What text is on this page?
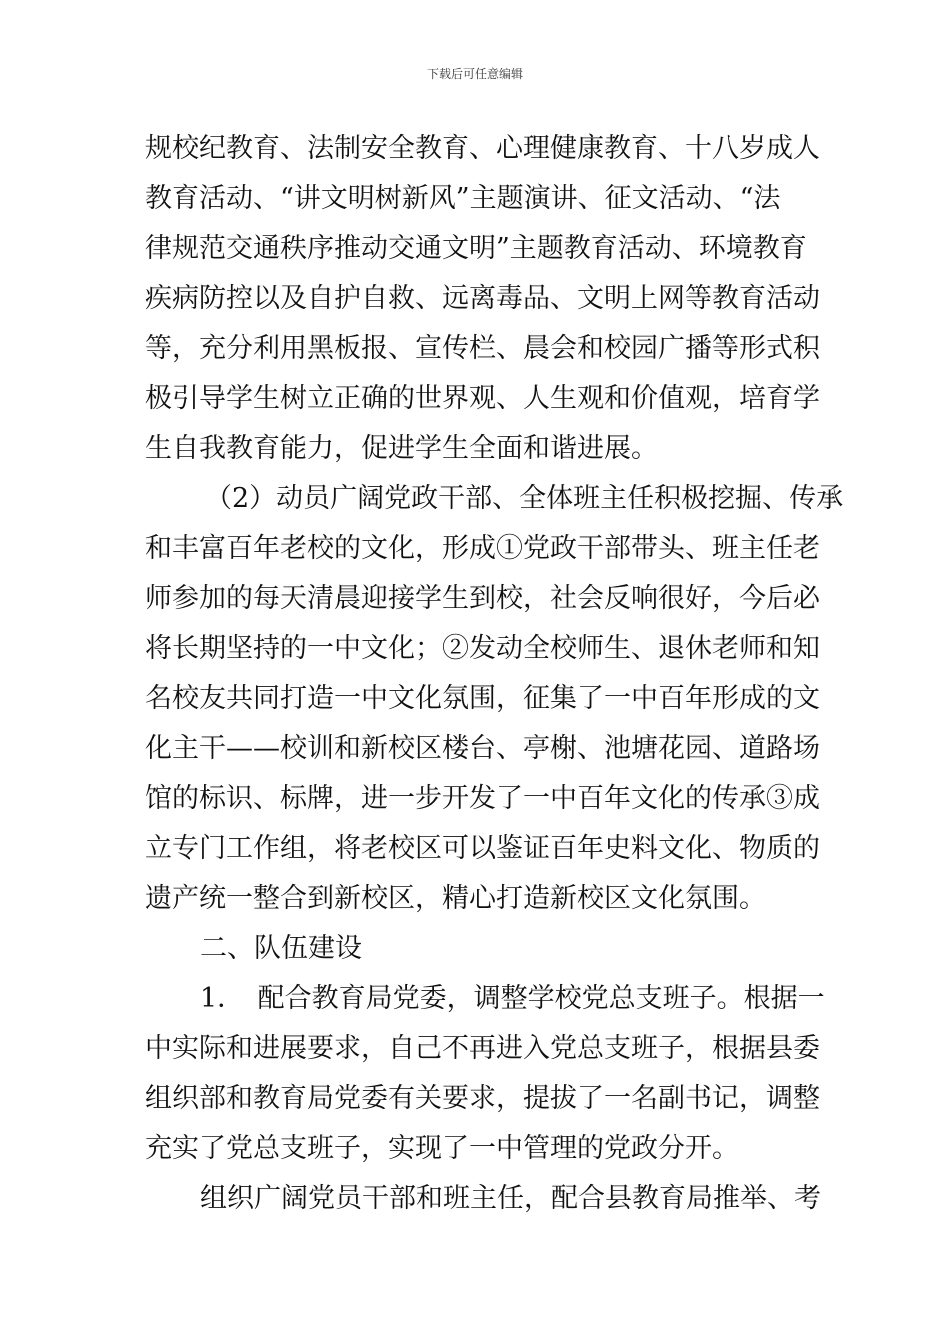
下载后可任意编辑
规校纪教育、法制安全教育、心理健康教育、十八岁成人
教育活动、“讲文明树新风”主题演讲、征文活动、“法
律规范交通秩序推动交通文明”主题教育活动、环境教育
疾病防控以及自护自救、远离毒品、文明上网等教育活动
等，充分利用黑板报、宣传栏、晨会和校园广播等形式积
极引导学生树立正确的世界观、人生观和价值观，培育学
生自我教育能力，促进学生全面和谐进展。
（2）动员广阔党政干部、全体班主任积极挖掘、传承
和丰富百年老校的文化，形成①党政干部带头、班主任老
师参加的每天清晨迎接学生到校，社会反响很好，今后必
将长期坚持的一中文化；②发动全校师生、退休老师和知
名校友共同打造一中文化氛围，征集了一中百年形成的文
化主干——校训和新校区楼台、亭榭、池塘花园、道路场
馆的标识、标牌，进一步开发了一中百年文化的传承③成
立专门工作组，将老校区可以鉴证百年史料文化、物质的
遗产统一整合到新校区，精心打造新校区文化氛围。
二、队伍建设
1．　配合教育局党委，调整学校党总支班子。根据一
中实际和进展要求，自己不再进入党总支班子，根据县委
组织部和教育局党委有关要求，提拔了一名副书记，调整
充实了党总支班子，实现了一中管理的党政分开。
组织广阔党员干部和班主任，配合县教育局推举、考
